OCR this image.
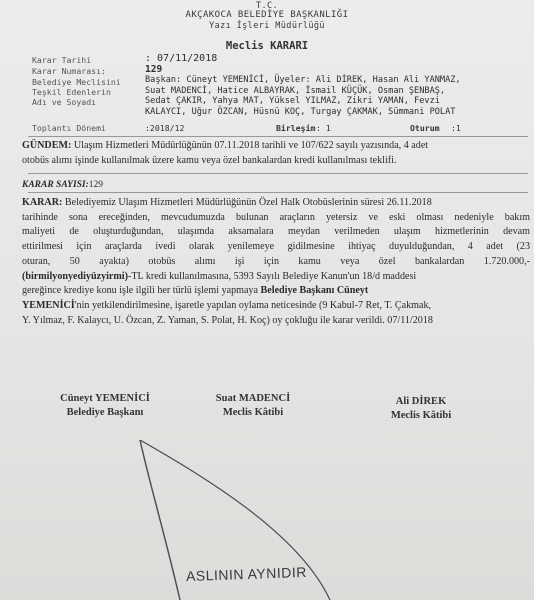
T.C.
AKÇAKOCA BELEDİYE BAŞKANLIĞI
Yazı İşleri Müdürlüğü
Meclis KARARI
Karar Tarihi	: 07/11/2018
Karar Numarası:	129
Belediye Meclisini
Teşkil Edenlerin
Adı ve Soyadı
Başkan: Cüneyt YEMENİCİ, Üyeler: Ali DİREK, Hasan Ali YANMAZ,
Suat MADENCİ, Hatice ALBAYRAK, İsmail KÜÇÜK, Osman ŞENBAŞ,
Sedat ÇAKIR, Yahya MAT, Yüksel YILMAZ, Zikri YAMAN, Fevzi
KALAYCI, Uğur ÖZCAN, Hüsnü KOÇ, Turgay ÇAKMAK, Sümmani POLAT
Toplantı Dönemi	:2018/12	Birleşim : 1	Oturum :1
GÜNDEM: Ulaşım Hizmetleri Müdürlüğünün 07.11.2018 tarihli ve 107/622 sayılı yazısında, 4 adet
otobüs alımı işinde kullanılmak üzere kamu veya özel bankalardan kredi kullanılması teklifi.
KARAR SAYISI:129
KARAR: Belediyemiz Ulaşım Hizmetleri Müdürlüğünün Özel Halk Otobüslerinin süresi 26.11.2018
tarihinde sona ereceğinden, mevcudumuzda bulunan araçların yetersiz ve eski olması nedeniyle bakım
maliyeti de oluşturduğundan, ulaşımda aksamalara meydan verilmeden ulaşım hizmetlerinin devam
ettirilmesi için araçlarda ivedi olarak yenilemeye gidilmesine ihtiyaç duyulduğundan, 4 adet (23
oturan, 50 ayakta) otobüs alımı işi için kamu veya özel bankalardan 1.720.000,-
(birmilyonyediyüzyirmi)-TL kredi kullanılmasına, 5393 Sayılı Belediye Kanun'un 18/d maddesi
gereğince krediye konu işle ilgili her türlü işlemi yapmaya Belediye Başkanı Cüneyt
YEMENİCİ'nin yetkilendirilmesine, işaretle yapılan oylama neticesinde (9 Kabul-7 Ret, T. Çakmak,
Y. Yılmaz, F. Kalaycı, U. Özcan, Z. Yaman, S. Polat, H. Koç) oy çokluğu ile karar verildi. 07/11/2018
Cüneyt YEMENİCİ
Belediye Başkanı
Suat MADENCİ
Meclis Kâtibi
Ali DİREK
Meclis Kâtibi
ASLININ AYNIDIR
